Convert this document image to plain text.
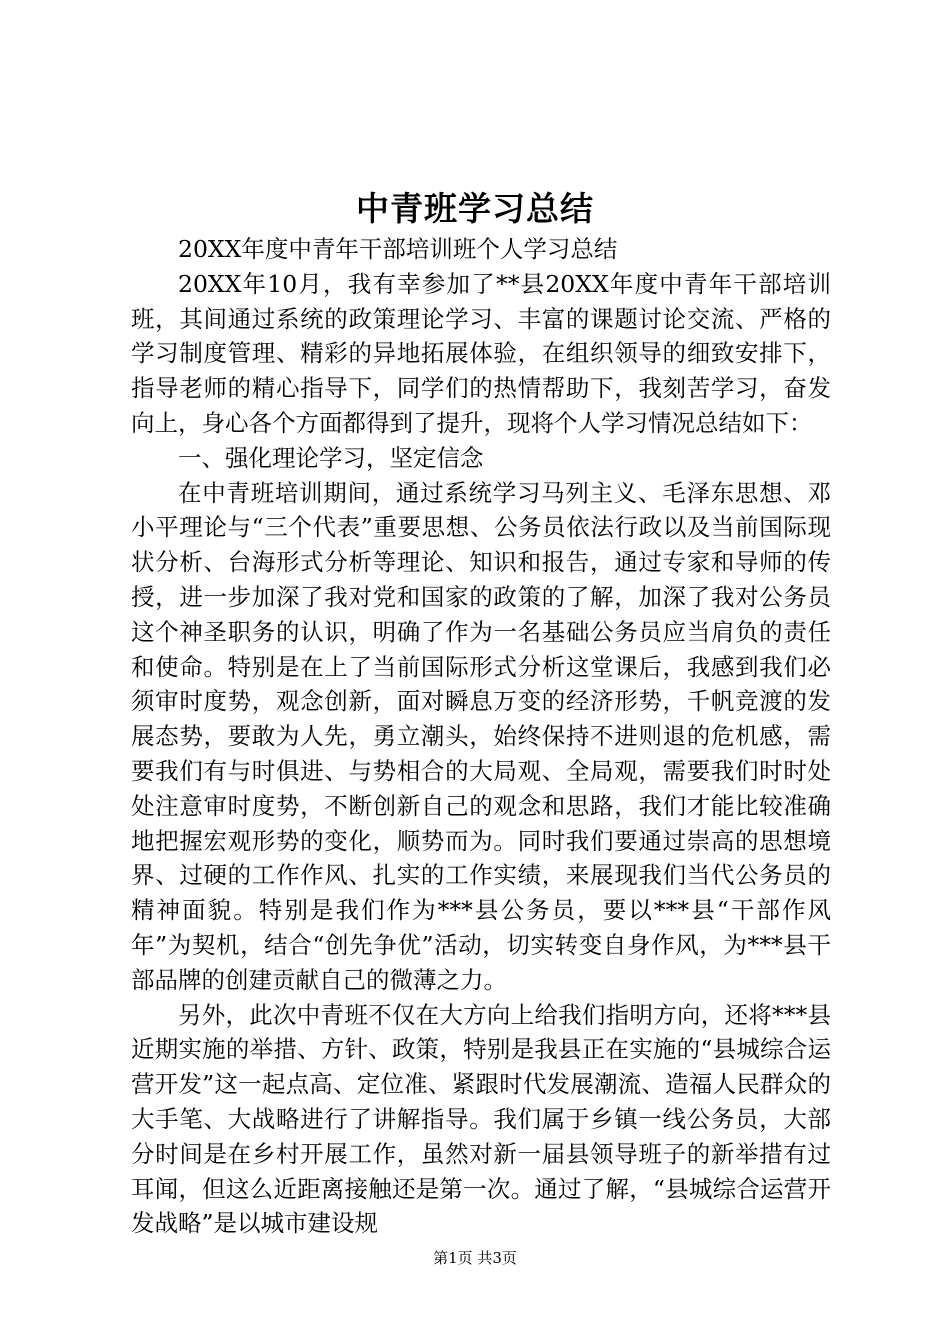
中青班学习总结

20XX年度中青年干部培训班个人学习总结

20XX年10月，我有幸参加了**县20XX年度中青年干部培训班，其间通过系统的政策理论学习、丰富的课题讨论交流、严格的学习制度管理、精彩的异地拓展体验，在组织领导的细致安排下，指导老师的精心指导下，同学们的热情帮助下，我刻苦学习，奋发向上，身心各个方面都得到了提升，现将个人学习情况总结如下：

一、强化理论学习，坚定信念

在中青班培训期间，通过系统学习马列主义、毛泽东思想、邓小平理论与“三个代表”重要思想、公务员依法行政以及当前国际现状分析、台海形式分析等理论、知识和报告，通过专家和导师的传授，进一步加深了我对党和国家的政策的了解，加深了我对公务员这个神圣职务的认识，明确了作为一名基础公务员应当肩负的责任和使命。特别是在上了当前国际形式分析这堂课后，我感到我们必须审时度势，观念创新，面对瞬息万变的经济形势，千帆竞渡的发展态势，要敢为人先，勇立潮头，始终保持不进则退的危机感，需要我们有与时俱进、与势相合的大局观、全局观，需要我们时时处处注意审时度势，不断创新自己的观念和思路，我们才能比较准确地把握宏观形势的变化，顺势而为。同时我们要通过崇高的思想境界、过硬的工作作风、扎实的工作实绩，来展现我们当代公务员的精神面貌。特别是我们作为***县公务员，要以***县“干部作风年”为契机，结合“创先争优”活动，切实转变自身作风，为***县干部品牌的创建贡献自己的微薄之力。

另外，此次中青班不仅在大方向上给我们指明方向，还将***县近期实施的举措、方针、政策，特别是我县正在实施的“县城综合运营开发”这一起点高、定位准、紧跟时代发展潮流、造福人民群众的大手笔、大战略进行了讲解指导。我们属于乡镇一线公务员，大部分时间是在乡村开展工作，虽然对新一届县领导班子的新举措有过耳闻，但这么近距离接触还是第一次。通过了解，“县城综合运营开发战略”是以城市建设规

第1页 共3页
